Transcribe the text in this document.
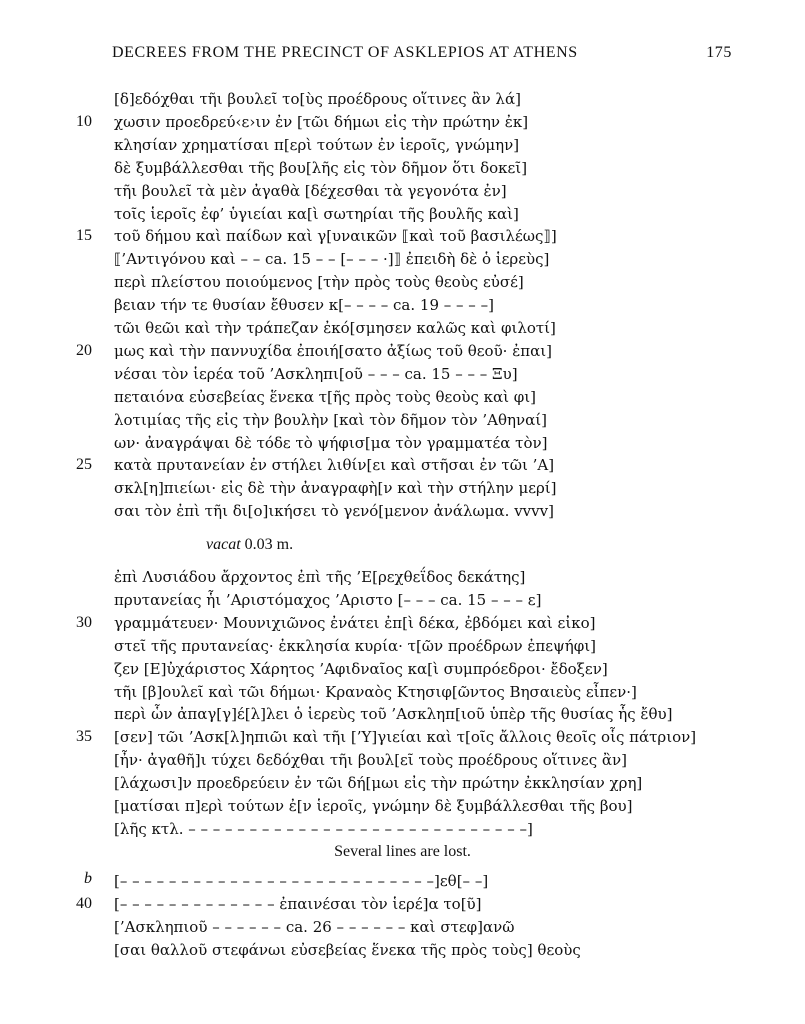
DECREES FROM THE PRECINCT OF ASKLEPIOS AT ATHENS	175
[δ]εδόχθαι τῆι βουλεῖ το[ὺς προέδρους οἵτινες ἂν λά]
10	χωσιν προεδρεύ‹ε›ιν ἐν [τῶι δήμωι εἰς τὴν πρώτην ἐκ]
κλησίαν χρηματίσαι π[ερὶ τούτων ἐν ἱεροῖς, γνώμην]
δὲ ξυμβάλλεσθαι τῆς βου[λῆς εἰς τὸν δῆμον ὅτι δοκεῖ]
τῆι βουλεῖ τὰ μὲν ἀγαθὰ [δέχεσθαι τὰ γεγονότα ἐν]
τοῖς ἱεροῖς ἐφ’ ὑγιείαι κα[ὶ σωτηρίαι τῆς βουλῆς καὶ]
15	τοῦ δήμου καὶ παίδων καὶ γ[υναικῶν ⟦καὶ τοῦ βασιλέως⟧]
⟦’Αντιγόνου καὶ – – ca. 15 – – [– – – ·]⟧ ἐπειδὴ δὲ ὁ ἱερεὺς]
περὶ πλείστου ποιούμενος [τὴν πρὸς τοὺς θεοὺς εὐσέ]
βειαν τήν τε θυσίαν ἔθυσεν κ[– – – – ca. 19 – – – –]
τῶι θεῶι καὶ τὴν τράπεζαν ἐκό[σμησεν καλῶς καὶ φιλοτί]
20	μως καὶ τὴν παννυχίδα ἐποιή[σατο ἀξίως τοῦ θεοῦ· ἐπαι]
νέσαι τὸν ἱερέα τοῦ ’Ασκληπι[οῦ – – – ca. 15 – – – Ξυ]
πεταιόνα εὐσεβείας ἕνεκα τ[ῆς πρὸς τοὺς θεοὺς καὶ φι]
λοτιμίας τῆς εἰς τὴν βουλὴν [καὶ τὸν δῆμον τὸν ’Αθηναί]
ων· ἀναγράψαι δὲ τόδε τὸ ψήφισ[μα τὸν γραμματέα τὸν]
25	κατὰ πρυτανείαν ἐν στήλει λιθίν[ει καὶ στῆσαι ἐν τῶι ’Α]
σκλ[η]πιείωι· εἰς δὲ τὴν ἀναγραφὴ[ν καὶ τὴν στήλην μερί]
σαι τὸν ἐπὶ τῆι δι[ο]ικήσει τὸ γενό[μενον ἀνάλωμα. vvvv]
vacat 0.03 m.
ἐπὶ Λυσιάδου ἄρχοντος ἐπὶ τῆς ’Ε[ρεχθεΐδος δεκάτης]
πρυτανείας ἧι ’Αριστόμαχος ’Αριστο [– – – ca. 15 – – – ε]
30	γραμμάτευεν· Μουνιχιῶνος ἐνάτει ἐπ[ὶ δέκα, ἐβδόμει καὶ εἰκο]
στεῖ τῆς πρυτανείας· ἐκκλησία κυρία· τ[ῶν προέδρων ἐπεψήφι]
ζεν [Ε]ὐχάριστος Χάρητος ’Αφιδναῖος κα[ὶ συμπρόεδροι· ἔδοξεν]
τῆι [β]ουλεῖ καὶ τῶι δήμωι· Κραναὸς Κτησιφ[ῶντος Βησαιεὺς εἶπεν·]
περὶ ὧν ἀπαγ[γ]έ[λ]λει ὁ ἱερεὺς τοῦ ’Ασκληπ[ιοῦ ὑπὲρ τῆς θυσίας ἧς ἔθυ]
35	[σεν] τῶι ’Ασκ[λ]ηπιῶι καὶ τῆι [’Υ]γιείαι καὶ τ[οῖς ἄλλοις θεοῖς οἷς πάτριον]
[ἦν· ἀγαθῆ]ι τύχει δεδόχθαι τῆι βουλ[εῖ τοὺς προέδρους οἵτινες ἂν]
[λάχωσι]ν προεδρεύειν ἐν τῶι δή[μωι εἰς τὴν πρώτην ἐκκλησίαν χρη]
[ματίσαι π]ερὶ τούτων ἐ[ν ἱεροῖς, γνώμην δὲ ξυμβάλλεσθαι τῆς βου]
[λῆς κτλ. – – – – – – – – – – – – – – – – – – – – – – – – – – – –]
Several lines are lost.
b [– – – – – – – – – – – – – – – – – – – – – – – – – –]εθ[– –]
40	[– – – – – – – – – – – – – ἐπαινέσαι τὸν ἱερέ]α το[ῦ]
[’Ασκληπιοῦ – – – – – – ca. 26 – – – – – – καὶ στεφ]ανῶ
[σαι θαλλοῦ στεφάνωι εὐσεβείας ἕνεκα τῆς πρὸς τοὺς] θεοὺς
